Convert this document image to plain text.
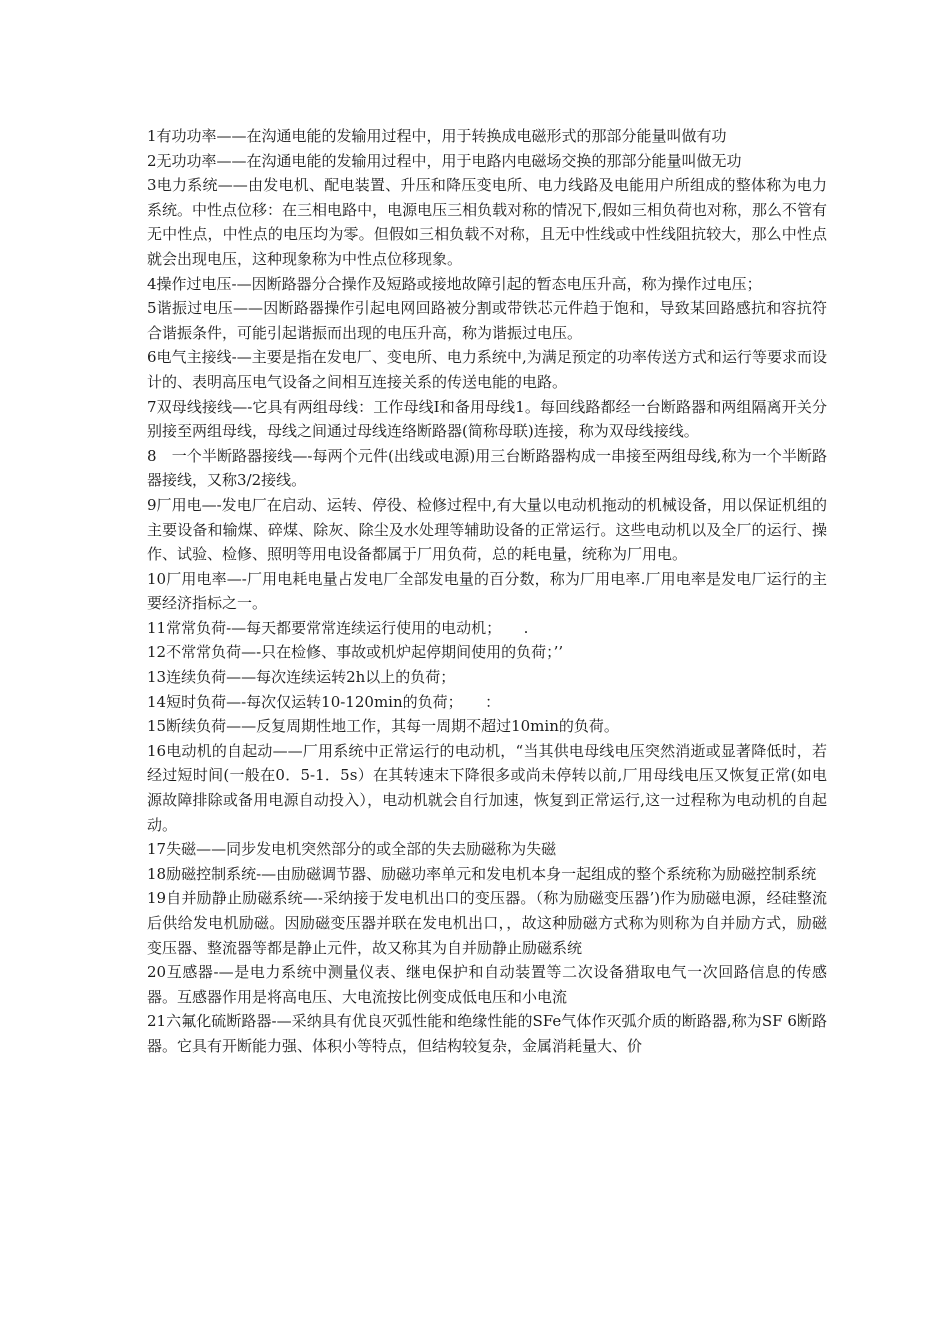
1有功功率——在沟通电能的发输用过程中，用于转换成电磁形式的那部分能量叫做有功

2无功功率——在沟通电能的发输用过程中，用于电路内电磁场交换的那部分能量叫做无功

3电力系统——由发电机、配电装置、升压和降压变电所、电力线路及电能用户所组成的整体称为电力系统。中性点位移：在三相电路中，电源电压三相负载对称的情况下,假如三相负荷也对称，那么不管有无中性点，中性点的电压均为零。但假如三相负载不对称，且无中性线或中性线阻抗较大，那么中性点就会出现电压，这种现象称为中性点位移现象。

4操作过电压-—因断路器分合操作及短路或接地故障引起的暂态电压升高，称为操作过电压；

5谐振过电压——因断路器操作引起电网回路被分割或带铁芯元件趋于饱和，导致某回路感抗和容抗符合谐振条件，可能引起谐振而出现的电压升高，称为谐振过电压。

6电气主接线-—主要是指在发电厂、变电所、电力系统中,为满足预定的功率传送方式和运行等要求而设计的、表明高压电气设备之间相互连接关系的传送电能的电路。

7双母线接线—-它具有两组母线：工作母线I和备用母线1。每回线路都经一台断路器和两组隔离开关分别接至两组母线，母线之间通过母线连络断路器(简称母联)连接，称为双母线接线。

8　一个半断路器接线—-每两个元件(出线或电源)用三台断路器构成一串接至两组母线,称为一个半断路器接线，又称3/2接线。

9厂用电—-发电厂在启动、运转、停役、检修过程中,有大量以电动机拖动的机械设备，用以保证机组的主要设备和输煤、碎煤、除灰、除尘及水处理等辅助设备的正常运行。这些电动机以及全厂的运行、操作、试验、检修、照明等用电设备都属于厂用负荷，总的耗电量，统称为厂用电。

10厂用电率—-厂用电耗电量占发电厂全部发电量的百分数，称为厂用电率.厂用电率是发电厂运行的主要经济指标之一。

11常常负荷-—每天都要常常连续运行使用的电动机；　　.

12不常常负荷—-只在检修、事故或机炉起停期间使用的负荷；’’

13连续负荷——每次连续运转2h以上的负荷；

14短时负荷—-每次仅运转10-120min的负荷；　　：

15断续负荷——反复周期性地工作，其每一周期不超过10min的负荷。

16电动机的自起动——厂用系统中正常运行的电动机，“当其供电母线电压突然消逝或显著降低时，若经过短时间(一般在0．5-1．5s）在其转速末下降很多或尚未停转以前,厂用母线电压又恢复正常(如电源故障排除或备用电源自动投入），电动机就会自行加速，恢复到正常运行,这一过程称为电动机的自起动。

17失磁——同步发电机突然部分的或全部的失去励磁称为失磁

18励磁控制系统-—由励磁调节器、励磁功率单元和发电机本身一起组成的整个系统称为励磁控制系统

19自并励静止励磁系统—-采纳接于发电机出口的变压器。（称为励磁变压器’)作为励磁电源，经硅整流后供给发电机励磁。因励磁变压器并联在发电机出口，，故这种励磁方式称为则称为自并励方式，励磁变压器、整流器等都是静止元件，故又称其为自并励静止励磁系统

20互感器-—是电力系统中测量仪表、继电保护和自动装置等二次设备猎取电气一次回路信息的传感器。互感器作用是将高电压、大电流按比例变成低电压和小电流

21六氟化硫断路器-—采纳具有优良灭弧性能和绝缘性能的SFe气体作灭弧介质的断路器,称为SF 6断路器。它具有开断能力强、体积小等特点，但结构较复杂，金属消耗量大、价
